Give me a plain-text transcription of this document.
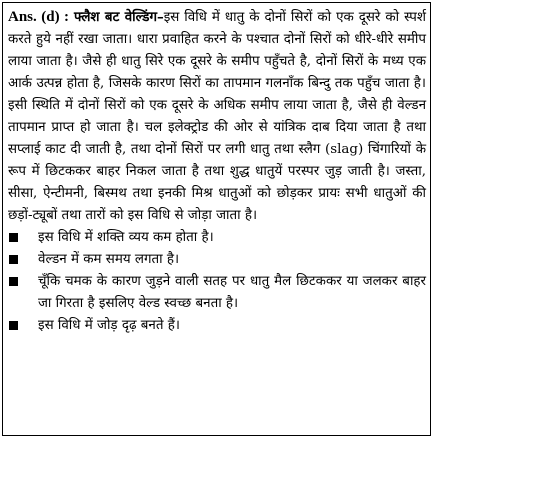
Ans. (d) : फ्लैश बट वेल्डिंग–इस विधि में धातु के दोनों सिरों को एक दूसरे को स्पर्श करते हुये नहीं रखा जाता। धारा प्रवाहित करने के पश्चात दोनों सिरों को धीरे-धीरे समीप लाया जाता है। जैसे ही धातु सिरे एक दूसरे के समीप पहुँचते है, दोनों सिरों के मध्य एक आर्क उत्पन्न होता है, जिसके कारण सिरों का तापमान गलनाँक बिन्दु तक पहुँच जाता है। इसी स्थिति में दोनों सिरों को एक दूसरे के अधिक समीप लाया जाता है, जैसे ही वेल्डन तापमान प्राप्त हो जाता है। चल इलेक्ट्रोड की ओर से यांत्रिक दाब दिया जाता है तथा सप्लाई काट दी जाती है, तथा दोनों सिरों पर लगी धातु तथा स्लैग (slag) चिंगारियों के रूप में छिटककर बाहर निकल जाता है तथा शुद्ध धातुयें परस्पर जुड़ जाती है। जस्ता, सीसा, ऐन्टीमनी, बिस्मथ तथा इनकी मिश्र धातुओं को छोड़कर प्रायः सभी धातुओं की छड़ों-ट्यूबों तथा तारों को इस विधि से जोड़ा जाता है।

इस विधि में शक्ति व्यय कम होता है।
वेल्डन में कम समय लगता है।
चूँकि चमक के कारण जुड़ने वाली सतह पर धातु मैल छिटककर या जलकर बाहर जा गिरता है इसलिए वेल्ड स्वच्छ बनता है।
इस विधि में जोड़ दृढ़ बनते हैं।
